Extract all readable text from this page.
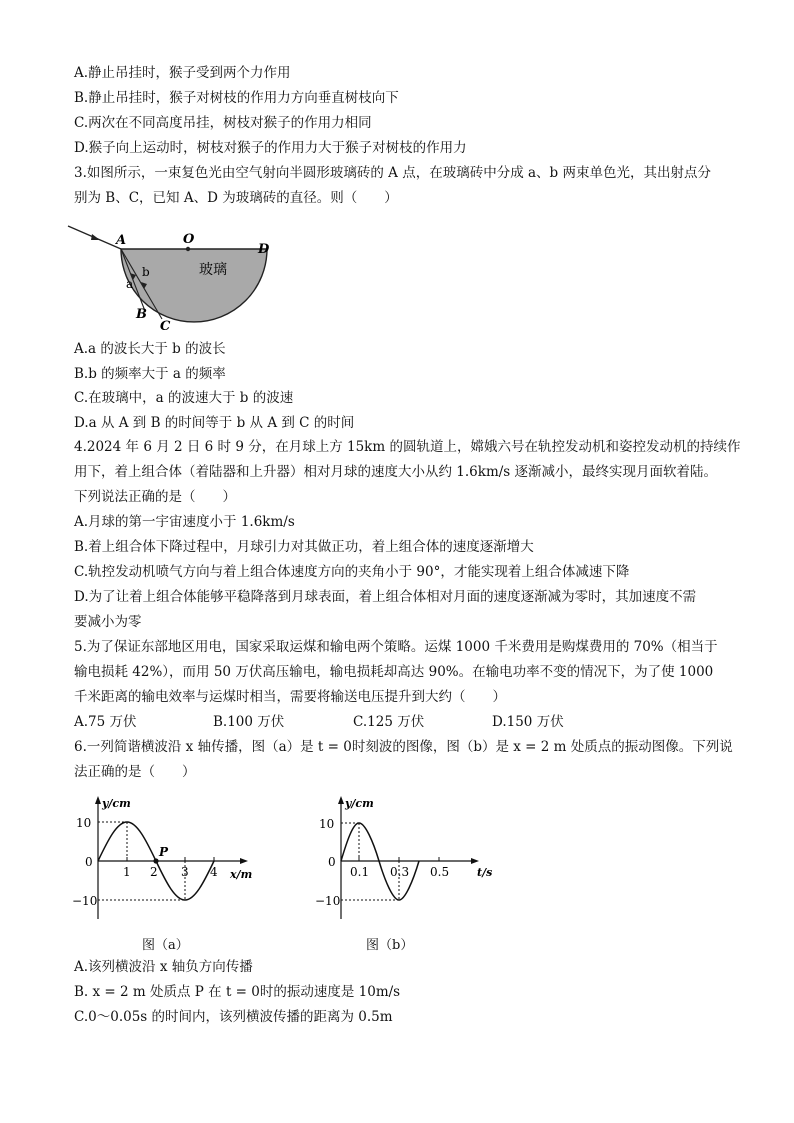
A.静止吊挂时，猴子受到两个力作用
B.静止吊挂时，猴子对树枝的作用力方向垂直树枝向下
C.两次在不同高度吊挂，树枝对猴子的作用力相同
D.猴子向上运动时，树枝对猴子的作用力大于猴子对树枝的作用力
3.如图所示，一束复色光由空气射向半圆形玻璃砖的 A 点，在玻璃砖中分成 a、b 两束单色光，其出射点分
别为 B、C，已知 A、D 为玻璃砖的直径。则（　　）
A	O
D
b
a
B
C
玻璃
A.a 的波长大于 b 的波长
B.b 的频率大于 a 的频率
C.在玻璃中，a 的波速大于 b 的波速
D.a 从 A 到 B 的时间等于 b 从 A 到 C 的时间
4.2024 年 6 月 2 日 6 时 9 分，在月球上方 15km 的圆轨道上，嫦娥六号在轨控发动机和姿控发动机的持续作
用下，着上组合体（着陆器和上升器）相对月球的速度大小从约 1.6km/s 逐渐减小，最终实现月面软着陆。
下列说法正确的是（　　）
A.月球的第一宇宙速度小于 1.6km/s
B.着上组合体下降过程中，月球引力对其做正功，着上组合体的速度逐渐增大
C.轨控发动机喷气方向与着上组合体速度方向的夹角小于 90°，才能实现着上组合体减速下降
D.为了让着上组合体能够平稳降落到月球表面，着上组合体相对月面的速度逐渐减为零时，其加速度不需
要减小为零
5.为了保证东部地区用电，国家采取运煤和输电两个策略。运煤 1000 千米费用是购煤费用的 70%（相当于
输电损耗 42%），而用 50 万伏高压输电，输电损耗却高达 90%。在输电功率不变的情况下，为了使 1000
千米距离的输电效率与运煤时相当，需要将输送电压提升到大约（　　）
A.75 万伏	B.100 万伏	C.125 万伏	D.150 万伏
6.一列简谐横波沿 x 轴传播，图（a）是 t = 0时刻波的图像，图（b）是 x = 2 m 处质点的振动图像。下列说
法正确的是（　　）
y/cm
x/m
10
0
−10
1 2 3 4
P
图（a）
y/cm
t/s
10
0
−10
0.1 0.3 0.5
图（b）
A.该列横波沿 x 轴负方向传播
B. x = 2 m 处质点 P 在 t = 0时的振动速度是 10m/s
C.0～0.05s 的时间内，该列横波传播的距离为 0.5m
